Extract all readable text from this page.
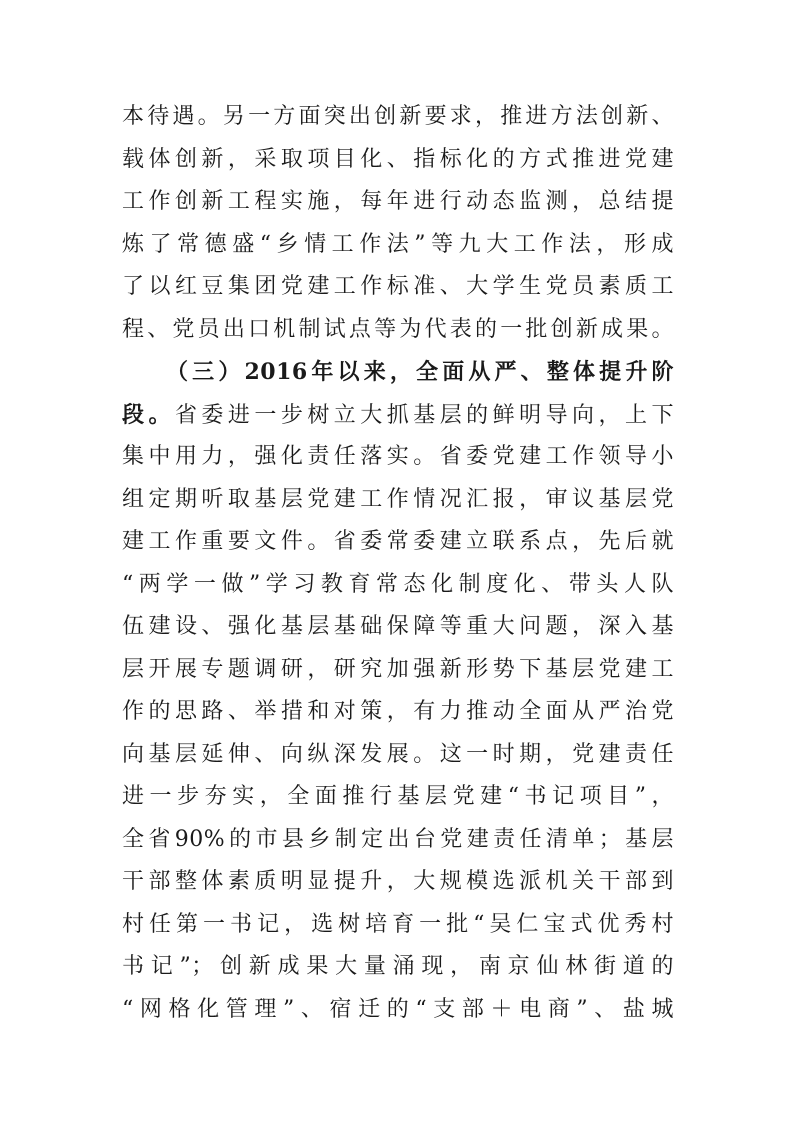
本待遇。另一方面突出创新要求，推进方法创新、
载体创新，采取项目化、指标化的方式推进党建
工作创新工程实施，每年进行动态监测，总结提
炼了常德盛“乡情工作法”等九大工作法，形成
了以红豆集团党建工作标准、大学生党员素质工
程、党员出口机制试点等为代表的一批创新成果。
（三）2016年以来，全面从严、整体提升阶
段。省委进一步树立大抓基层的鲜明导向，上下
集中用力，强化责任落实。省委党建工作领导小
组定期听取基层党建工作情况汇报，审议基层党
建工作重要文件。省委常委建立联系点，先后就
“两学一做”学习教育常态化制度化、带头人队
伍建设、强化基层基础保障等重大问题，深入基
层开展专题调研，研究加强新形势下基层党建工
作的思路、举措和对策，有力推动全面从严治党
向基层延伸、向纵深发展。这一时期，党建责任
进一步夯实，全面推行基层党建“书记项目”，
全省90%的市县乡制定出台党建责任清单；基层
干部整体素质明显提升，大规模选派机关干部到
村任第一书记，选树培育一批“吴仁宝式优秀村
书记”；创新成果大量涌现，南京仙林街道的
“网格化管理”、宿迁的“支部＋电商”、盐城
